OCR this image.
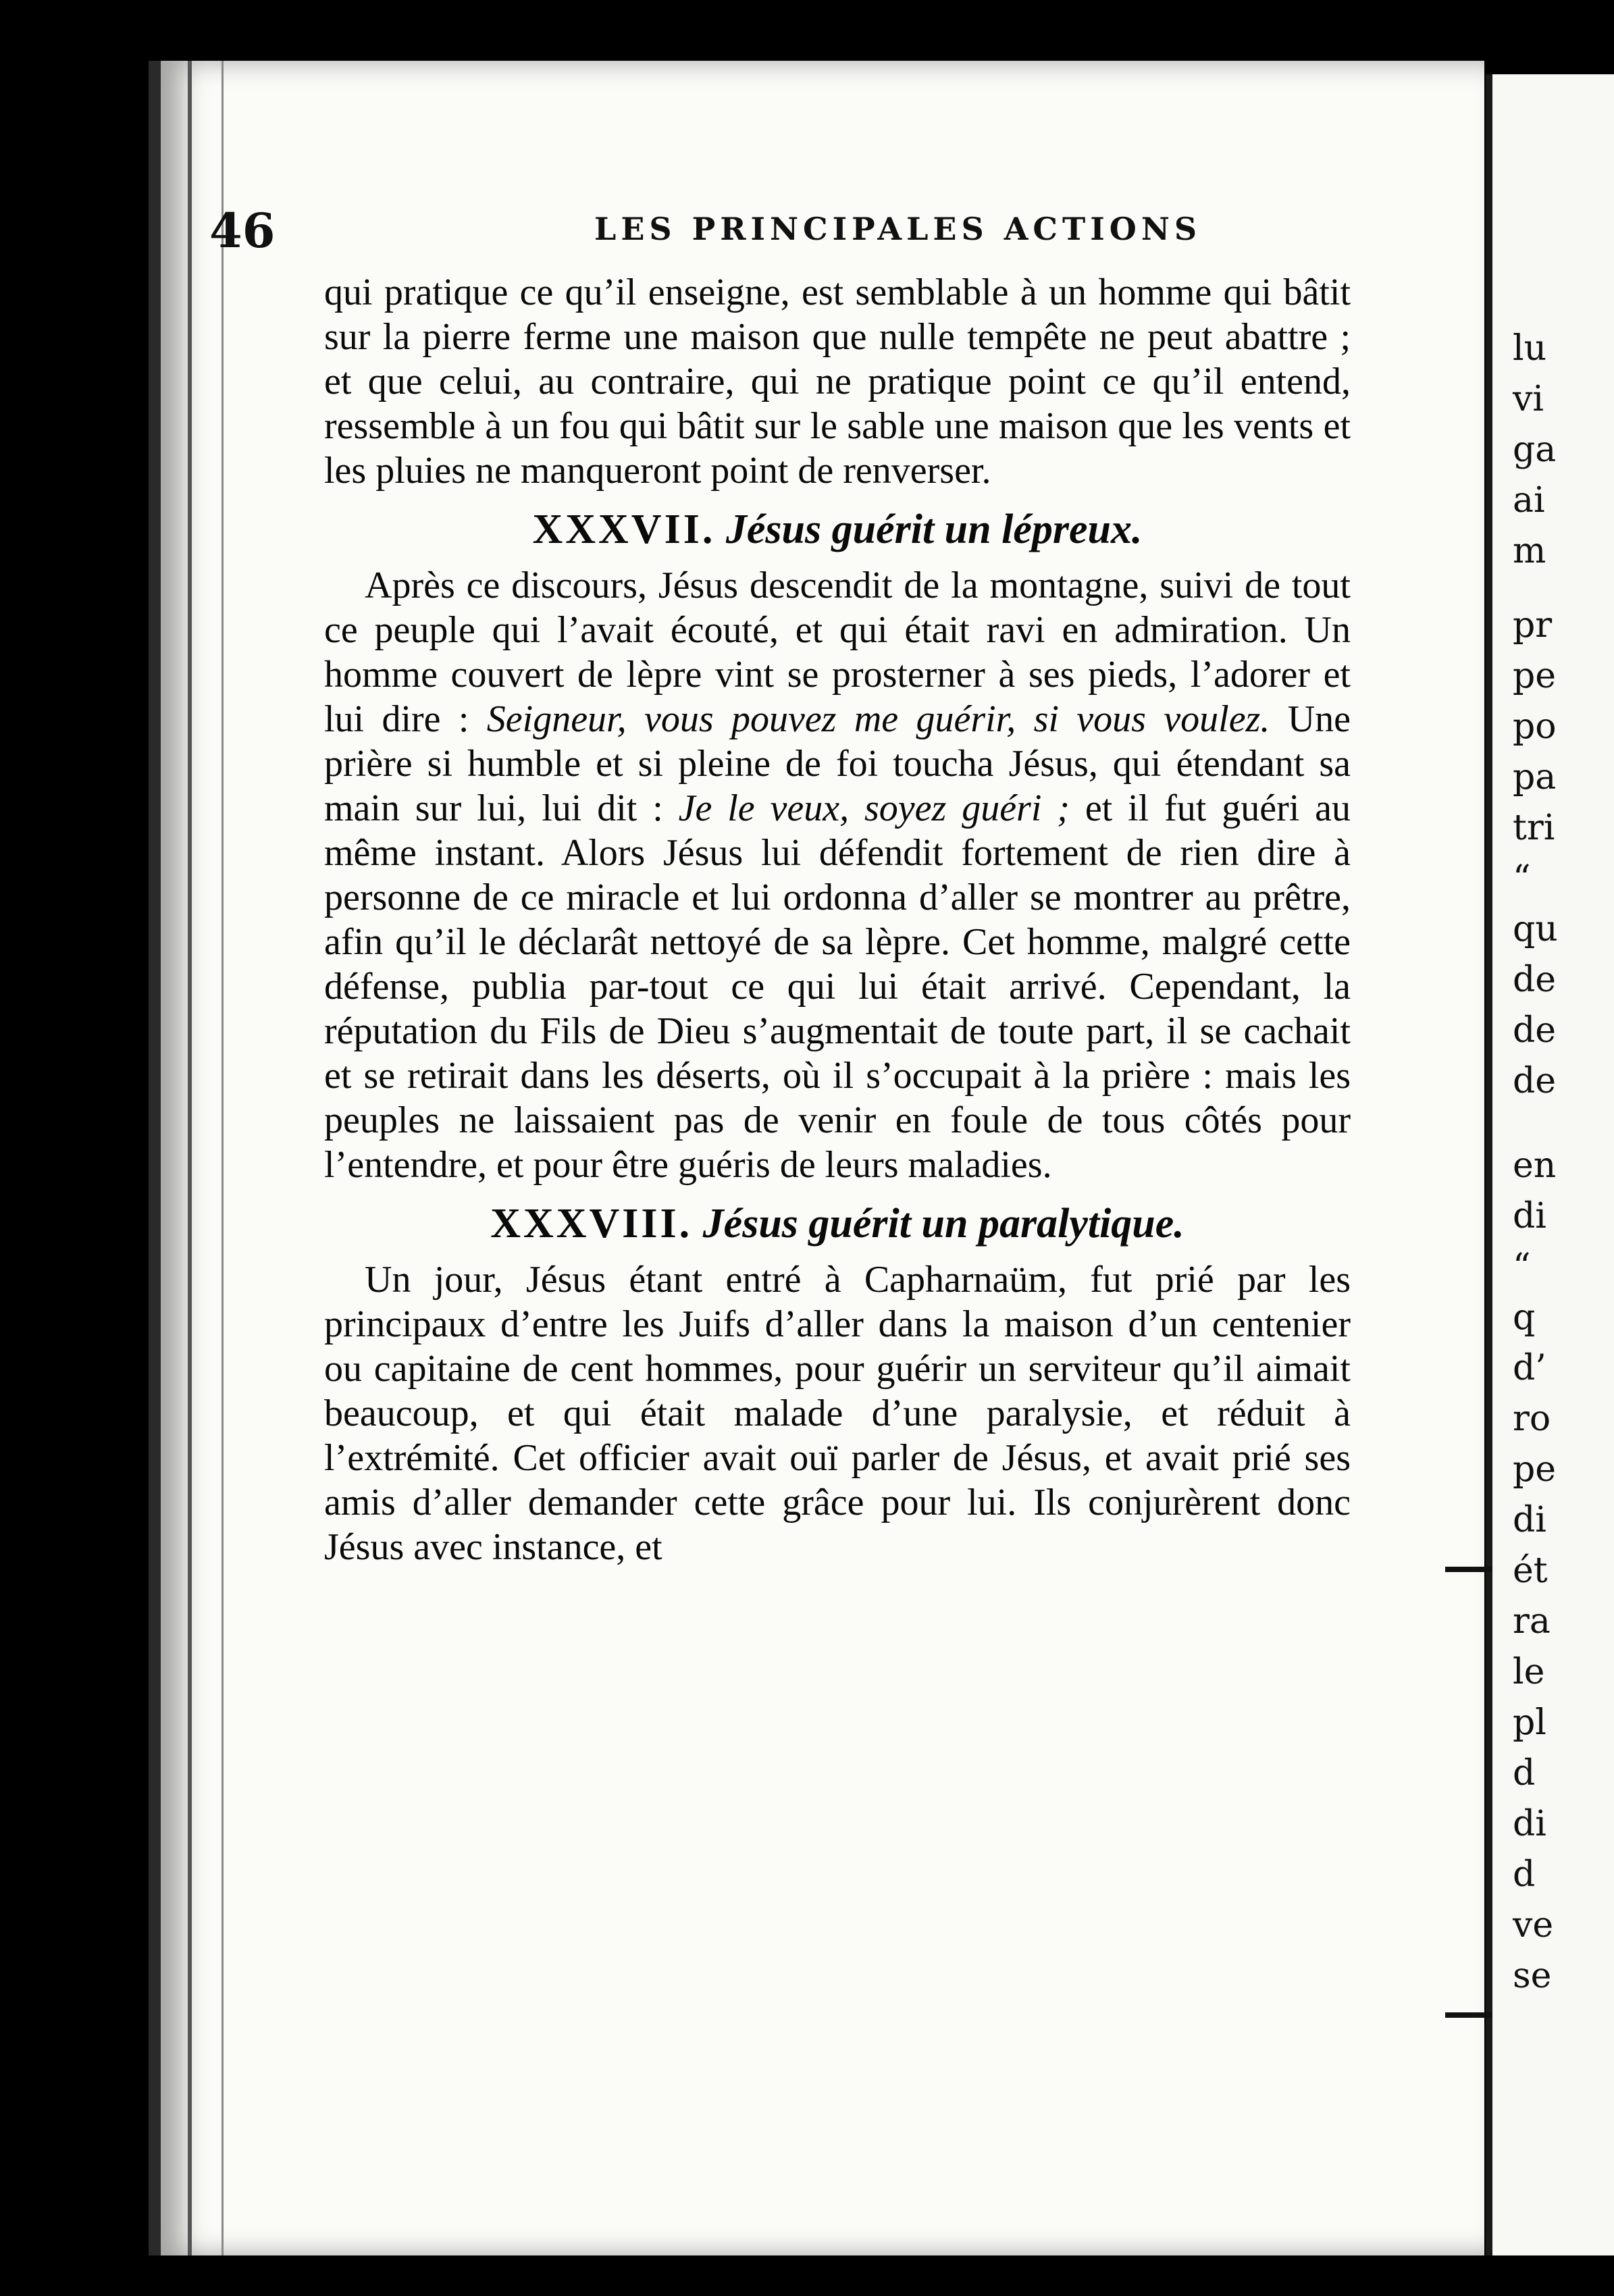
lu
vi
ga
ai
m
pr
pe
po
pa
tri
“
qu
de
de
de
en
di
“
q
d’
ro
pe
di
ét
ra
le
pl
d
di
d
ve
se
46	LES PRINCIPALES ACTIONS

qui pratique ce qu’il enseigne, est semblable à un homme qui bâtit sur la pierre ferme une maison que nulle tempête ne peut abattre ; et que celui, au contraire, qui ne pratique point ce qu’il entend, ressemble à un fou qui bâtit sur le sable une maison que les vents et les pluies ne manqueront point de renverser.

XXXVII. Jésus guérit un lépreux.

Après ce discours, Jésus descendit de la montagne, suivi de tout ce peuple qui l’avait écouté, et qui était ravi en admiration. Un homme couvert de lèpre vint se prosterner à ses pieds, l’adorer et lui dire : Seigneur, vous pouvez me guérir, si vous voulez. Une prière si humble et si pleine de foi toucha Jésus, qui étendant sa main sur lui, lui dit : Je le veux, soyez guéri ; et il fut guéri au même instant. Alors Jésus lui défendit fortement de rien dire à personne de ce miracle et lui ordonna d’aller se montrer au prêtre, afin qu’il le déclarât nettoyé de sa lèpre. Cet homme, malgré cette défense, publia par-tout ce qui lui était arrivé. Cependant, la réputation du Fils de Dieu s’augmentait de toute part, il se cachait et se retirait dans les déserts, où il s’occupait à la prière : mais les peuples ne laissaient pas de venir en foule de tous côtés pour l’entendre, et pour être guéris de leurs maladies.

XXXVIII. Jésus guérit un paralytique.

Un jour, Jésus étant entré à Capharnaüm, fut prié par les principaux d’entre les Juifs d’aller dans la maison d’un centenier ou capitaine de cent hommes, pour guérir un serviteur qu’il aimait beaucoup, et qui était malade d’une paralysie, et réduit à l’extrémité. Cet officier avait ouï parler de Jésus, et avait prié ses amis d’aller demander cette grâce pour lui. Ils conjurèrent donc Jésus avec instance, et
